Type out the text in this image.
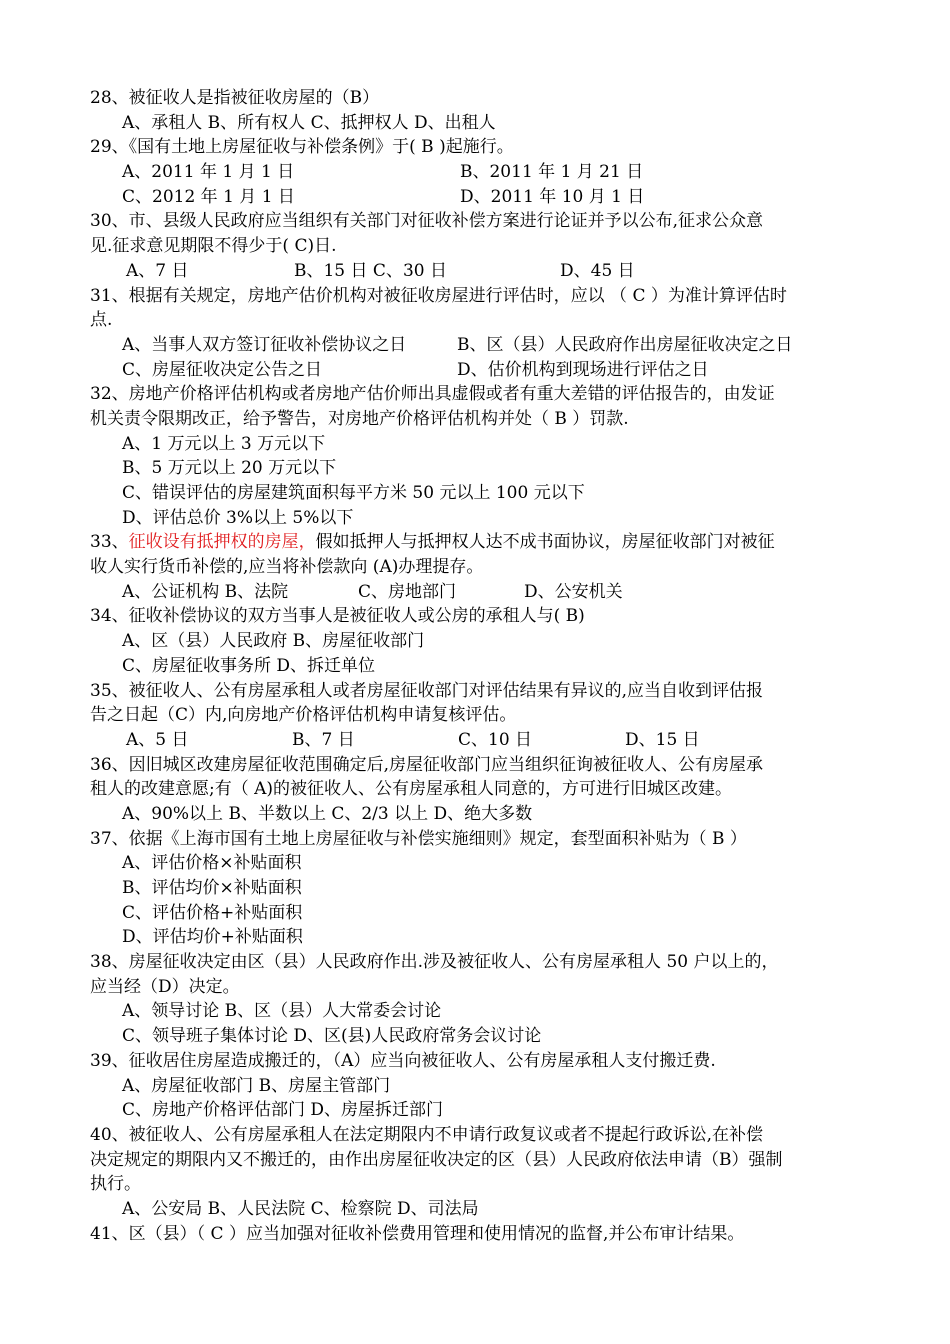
28、被征收人是指被征收房屋的（B）
A、承租人 B、所有权人 C、抵押权人 D、出租人
29、《国有土地上房屋征收与补偿条例》于( B )起施行。
A、2011 年 1 月 1 日	B、2011 年 1 月 21 日
C、2012 年 1 月 1 日	D、2011 年 10 月 1 日
30、市、县级人民政府应当组织有关部门对征收补偿方案进行论证并予以公布,征求公众意
见.征求意见期限不得少于( C)日.
A、7 日	B、15 日 C、30 日	D、45 日
31、根据有关规定，房地产估价机构对被征收房屋进行评估时，应以 （ C ）为准计算评估时
点.
A、当事人双方签订征收补偿协议之日	B、区（县）人民政府作出房屋征收决定之日
C、房屋征收决定公告之日	D、估价机构到现场进行评估之日
32、房地产价格评估机构或者房地产估价师出具虚假或者有重大差错的评估报告的，由发证
机关责令限期改正，给予警告，对房地产价格评估机构并处（ B ）罚款.
A、1 万元以上 3 万元以下
B、5 万元以上 20 万元以下
C、错误评估的房屋建筑面积每平方米 50 元以上 100 元以下
D、评估总价 3%以上 5%以下
33、征收设有抵押权的房屋，假如抵押人与抵押权人达不成书面协议，房屋征收部门对被征
收人实行货币补偿的,应当将补偿款向 (A)办理提存。
A、公证机构 B、法院	C、房地部门	D、公安机关
34、征收补偿协议的双方当事人是被征收人或公房的承租人与( B)
A、区（县）人民政府 B、房屋征收部门
C、房屋征收事务所 D、拆迁单位
35、被征收人、公有房屋承租人或者房屋征收部门对评估结果有异议的,应当自收到评估报
告之日起（C）内,向房地产价格评估机构申请复核评估。
A、5 日	B、7 日	C、10 日	D、15 日
36、因旧城区改建房屋征收范围确定后,房屋征收部门应当组织征询被征收人、公有房屋承
租人的改建意愿;有（ A)的被征收人、公有房屋承租人同意的，方可进行旧城区改建。
A、90%以上 B、半数以上 C、2/3 以上 D、绝大多数
37、依据《上海市国有土地上房屋征收与补偿实施细则》规定，套型面积补贴为（ B ）
A、评估价格×补贴面积
B、评估均价×补贴面积
C、评估价格+补贴面积
D、评估均价+补贴面积
38、房屋征收决定由区（县）人民政府作出.涉及被征收人、公有房屋承租人 50 户以上的，
应当经（D）决定。
A、领导讨论 B、区（县）人大常委会讨论
C、领导班子集体讨论 D、区(县)人民政府常务会议讨论
39、征收居住房屋造成搬迁的，（A）应当向被征收人、公有房屋承租人支付搬迁费.
A、房屋征收部门 B、房屋主管部门
C、房地产价格评估部门 D、房屋拆迁部门
40、被征收人、公有房屋承租人在法定期限内不申请行政复议或者不提起行政诉讼,在补偿
决定规定的期限内又不搬迁的，由作出房屋征收决定的区（县）人民政府依法申请（B）强制
执行。
A、公安局 B、人民法院 C、检察院 D、司法局
41、区（县）（ C ）应当加强对征收补偿费用管理和使用情况的监督,并公布审计结果。
